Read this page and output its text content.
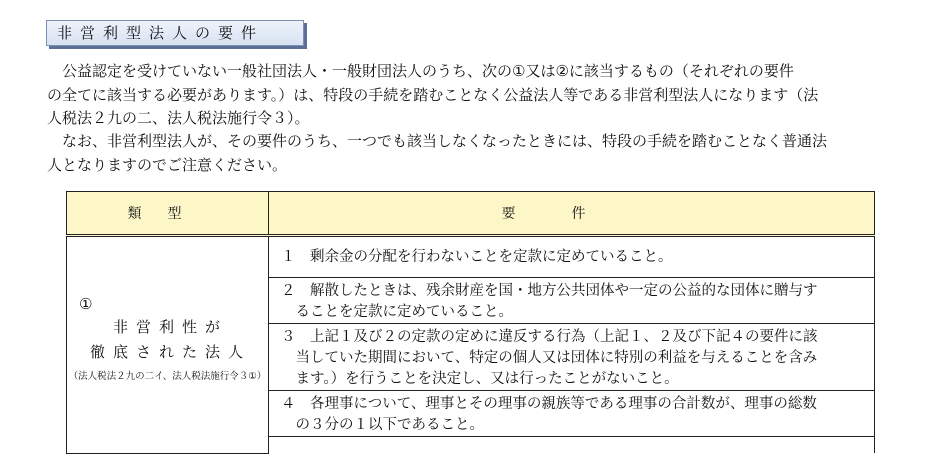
非営利型法人の要件
　公益認定を受けていない一般社団法人・一般財団法人のうち、次の①又は②に該当するもの（それぞれの要件
の全てに該当する必要があります。）は、特段の手続を踏むことなく公益法人等である非営利型法人になります（法
人税法２九の二、法人税法施行令３）。
　なお、非営利型法人が、その要件のうち、一つでも該当しなくなったときには、特段の手続を踏むことなく普通法
人となりますのでご注意ください。
類型	要件

①
非営利性が
徹底された法人
（法人税法２九の二イ、法人税法施行令３①）	１　剰余金の分配を行わないことを定款に定めていること。

	２　解散したときは、残余財産を国・地方公共団体や一定の公益的な団体に贈与す
　ることを定款に定めていること。

	３　上記１及び２の定款の定めに違反する行為（上記１、２及び下記４の要件に該
　当していた期間において、特定の個人又は団体に特別の利益を与えることを含み
　ます。）を行うことを決定し、又は行ったことがないこと。

	４　各理事について、理事とその理事の親族等である理事の合計数が、理事の総数
　の３分の１以下であること。
